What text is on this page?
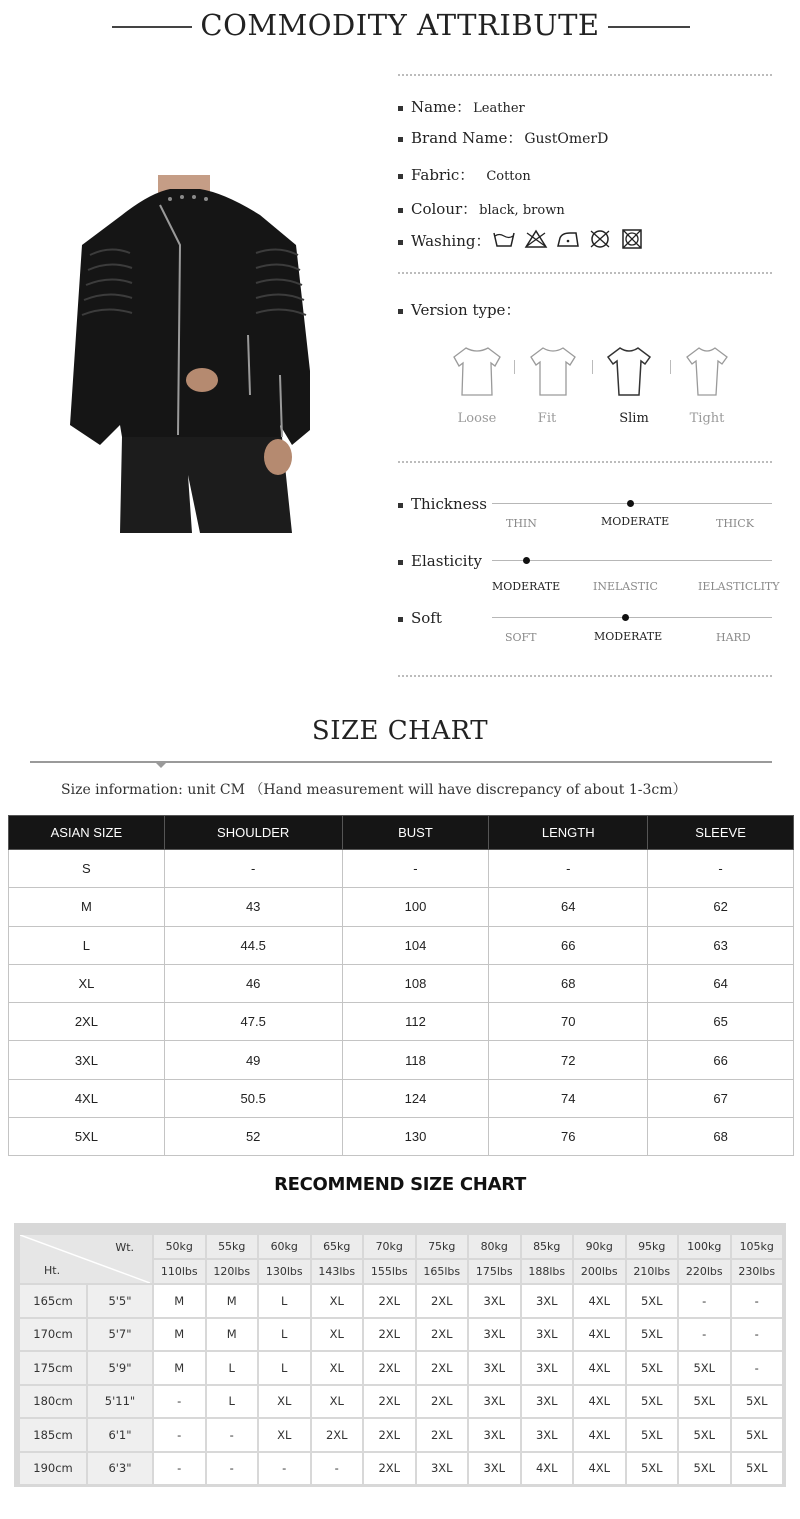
COMMODITY ATTRIBUTE
Name： Leather
Brand Name： GustOmerD
Fabric： Cotton
Colour： black, brown
Washing：
Version type：
Loose	Fit	Slim	Tight
Thickness
THIN	MODERATE	THICK
Elasticity
MODERATE	INELASTIC	IELASTICLITY
Soft
SOFT	MODERATE	HARD
SIZE CHART
Size information: unit CM （Hand measurement will have discrepancy of about 1-3cm）
ASIAN SIZE	SHOULDER	BUST	LENGTH	SLEEVE
S	-	-	-	-
M	43	100	64	62
L	44.5	104	66	63
XL	46	108	68	64
2XL	47.5	112	70	65
3XL	49	118	72	66
4XL	50.5	124	74	67
5XL	52	130	76	68
RECOMMEND SIZE CHART
Wt.
Ht.		50kg	55kg	60kg	65kg	70kg	75kg	80kg	85kg	90kg	95kg	100kg	105kg
		110lbs	120lbs	130lbs	143lbs	155lbs	165lbs	175lbs	188lbs	200lbs	210lbs	220lbs	230lbs
165cm	5'5"	M	M	L	XL	2XL	2XL	3XL	3XL	4XL	5XL	-	-
170cm	5'7"	M	M	L	XL	2XL	2XL	3XL	3XL	4XL	5XL	-	-
175cm	5'9"	M	L	L	XL	2XL	2XL	3XL	3XL	4XL	5XL	5XL	-
180cm	5'11"	-	L	XL	XL	2XL	2XL	3XL	3XL	4XL	5XL	5XL	5XL
185cm	6'1"	-	-	XL	2XL	2XL	2XL	3XL	3XL	4XL	5XL	5XL	5XL
190cm	6'3"	-	-	-	-	2XL	3XL	3XL	4XL	4XL	5XL	5XL	5XL
